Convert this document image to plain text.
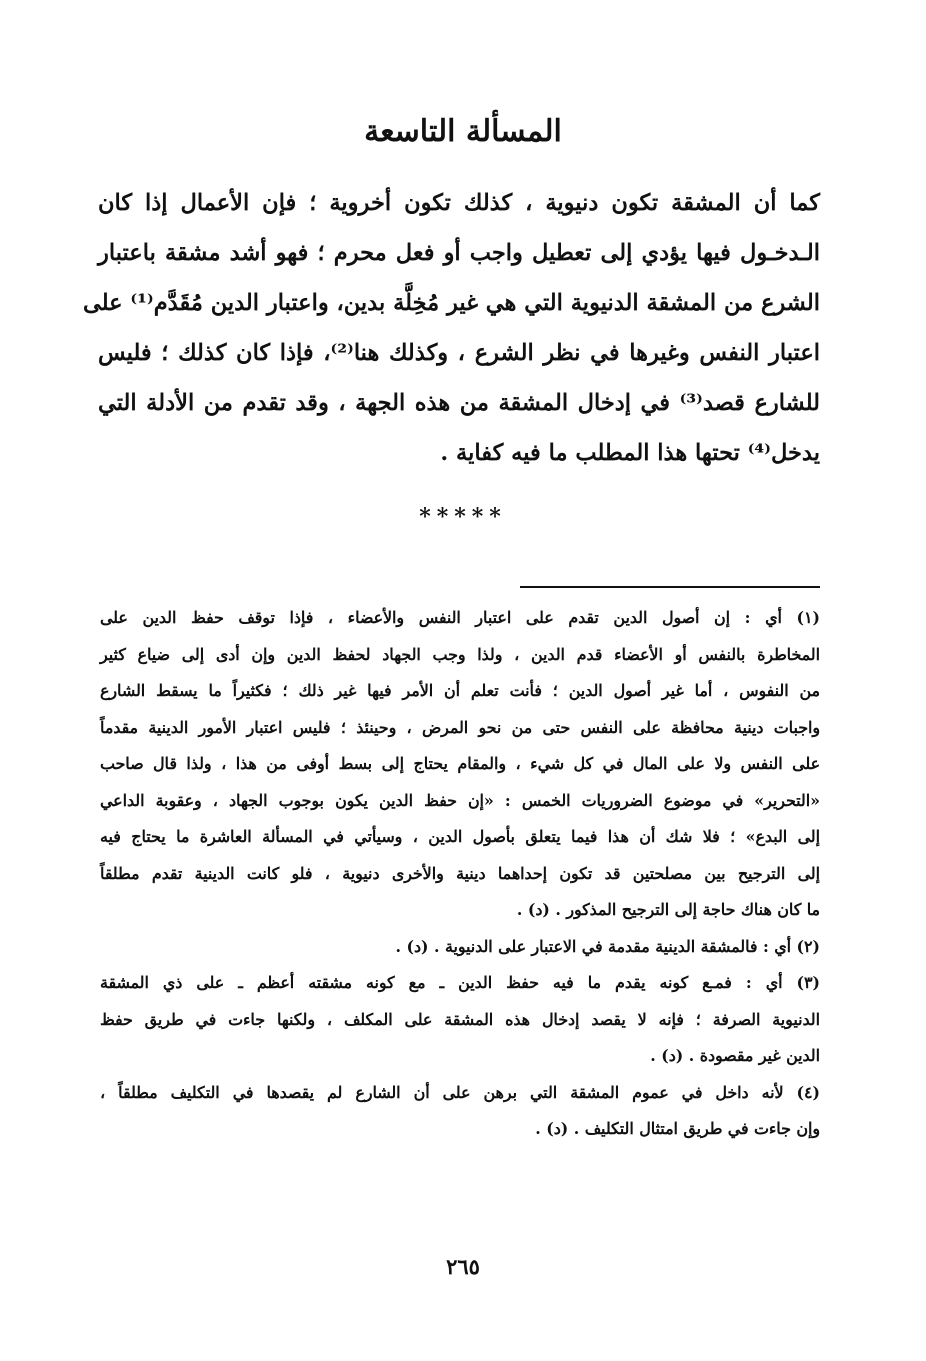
المسألة التاسعة
كما أن المشقة تكون دنيوية ، كذلك تكون أخروية ؛ فإن الأعمال إذا كان
الـدخـول فيها يؤدي إلى تعطيل واجب أو فعل محرم ؛ فهو أشد مشقة باعتبار
الشرع من المشقة الدنيوية التي هي غير مُخِلَّة بدين، واعتبار الدين مُقَدَّم⁽¹⁾ على
اعتبار النفس وغيرها في نظر الشرع ، وكذلك هنا⁽²⁾، فإذا كان كذلك ؛ فليس
للشارع قصد⁽³⁾ في إدخال المشقة من هذه الجهة ، وقد تقدم من الأدلة التي
يدخل⁽⁴⁾ تحتها هذا المطلب ما فيه كفاية .
*****
(١) أي : إن أصول الدين تقدم على اعتبار النفس والأعضاء ، فإذا توقف حفظ الدين على
المخاطرة بالنفس أو الأعضاء قدم الدين ، ولذا وجب الجهاد لحفظ الدين وإن أدى إلى ضياع كثير
من النفوس ، أما غير أصول الدين ؛ فأنت تعلم أن الأمر فيها غير ذلك ؛ فكثيراً ما يسقط الشارع
واجبات دينية محافظة على النفس حتى من نحو المرض ، وحينئذ ؛ فليس اعتبار الأمور الدينية مقدماً
على النفس ولا على المال في كل شيء ، والمقام يحتاج إلى بسط أوفى من هذا ، ولذا قال صاحب
«التحرير» في موضوع الضروريات الخمس : «إن حفظ الدين يكون بوجوب الجهاد ، وعقوبة الداعي
إلى البدع» ؛ فلا شك أن هذا فيما يتعلق بأصول الدين ، وسيأتي في المسألة العاشرة ما يحتاج فيه
إلى الترجيح بين مصلحتين قد تكون إحداهما دينية والأخرى دنيوية ، فلو كانت الدينية تقدم مطلقاً
ما كان هناك حاجة إلى الترجيح المذكور . (د) .
(٢) أي : فالمشقة الدينية مقدمة في الاعتبار على الدنيوية . (د) .
(٣) أي : فمـع كونه يقدم ما فيه حفظ الدين ـ مع كونه مشقته أعظم ـ على ذي المشقة
الدنيوية الصرفة ؛ فإنه لا يقصد إدخال هذه المشقة على المكلف ، ولكنها جاءت في طريق حفظ
الدين غير مقصودة . (د) .
(٤) لأنه داخل في عموم المشقة التي برهن على أن الشارع لم يقصدها في التكليف مطلقاً ،
وإن جاءت في طريق امتثال التكليف . (د) .
٢٦٥
